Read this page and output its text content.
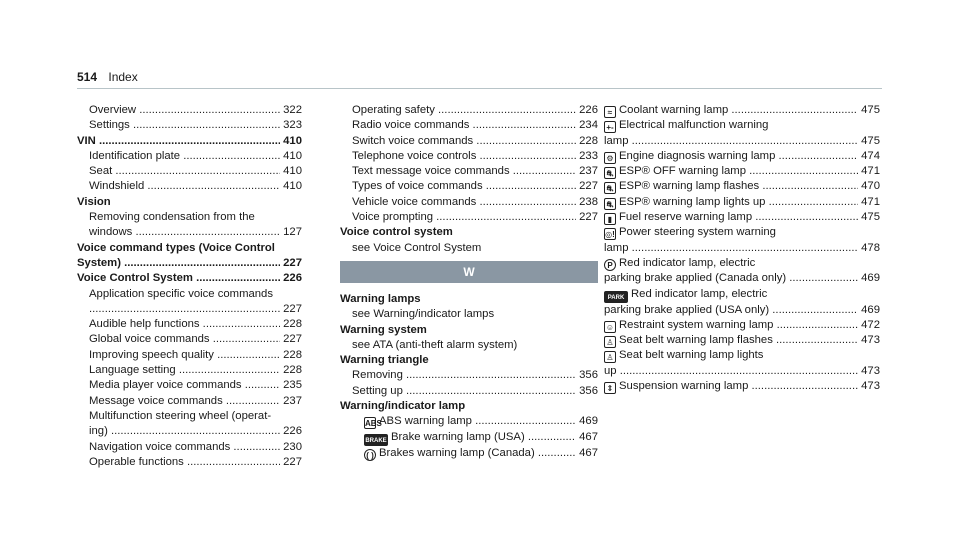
514 Index
Overview	322
.....
Settings	323
.....
VIN	410
.....
Identification plate	410
.....
Seat	410
.....
Windshield	410
.....
Vision
Removing condensation from the
windows	127
.....
Voice command types (Voice Control
System)	227
.....
Voice Control System	226
.....
Application specific voice commands
227
.....
Audible help functions	228
.....
Global voice commands	227
.....
Improving speech quality	228
.....
Language setting	228
.....
Media player voice commands	235
.....
Message voice commands	237
.....
Multifunction steering wheel (operat-
ing)	226
.....
Navigation voice commands	230
.....
Operable functions	227
.....
Operating safety	226
.....
Radio voice commands	234
.....
Switch voice commands	228
.....
Telephone voice controls	233
.....
Text message voice commands	237
.....
Types of voice commands	227
.....
Vehicle voice commands	238
.....
Voice prompting	227
.....
Voice control system
see Voice Control System
W
Warning lamps
see Warning/indicator lamps
Warning system
see ATA (anti-theft alarm system)
Warning triangle
Removing	356
.....
Setting up	356
.....
Warning/indicator lamp
ABSABS warning lamp	469
.....
BRAKE Brake warning lamp (USA)	467
.....
( ) Brakes warning lamp (Canada)	467
.....
≈ Coolant warning lamp	475
.....
+- Electrical malfunction warning
lamp	475
.....
⚙ Engine diagnosis warning lamp	474
.....
⛐ ESP® OFF warning lamp	471
.....
⛐ ESP® warning lamp flashes	470
.....
⛐ ESP® warning lamp lights up	471
.....
▮ Fuel reserve warning lamp	475
.....
◎! Power steering system warning
lamp	478
.....
P Red indicator lamp, electric
parking brake applied (Canada only)	469
.....
PARK Red indicator lamp, electric
parking brake applied (USA only)	469
.....
☺ Restraint system warning lamp	472
.....
♙ Seat belt warning lamp flashes	473
.....
♙ Seat belt warning lamp lights
up	473
.....
⇕ Suspension warning lamp	473
.....
